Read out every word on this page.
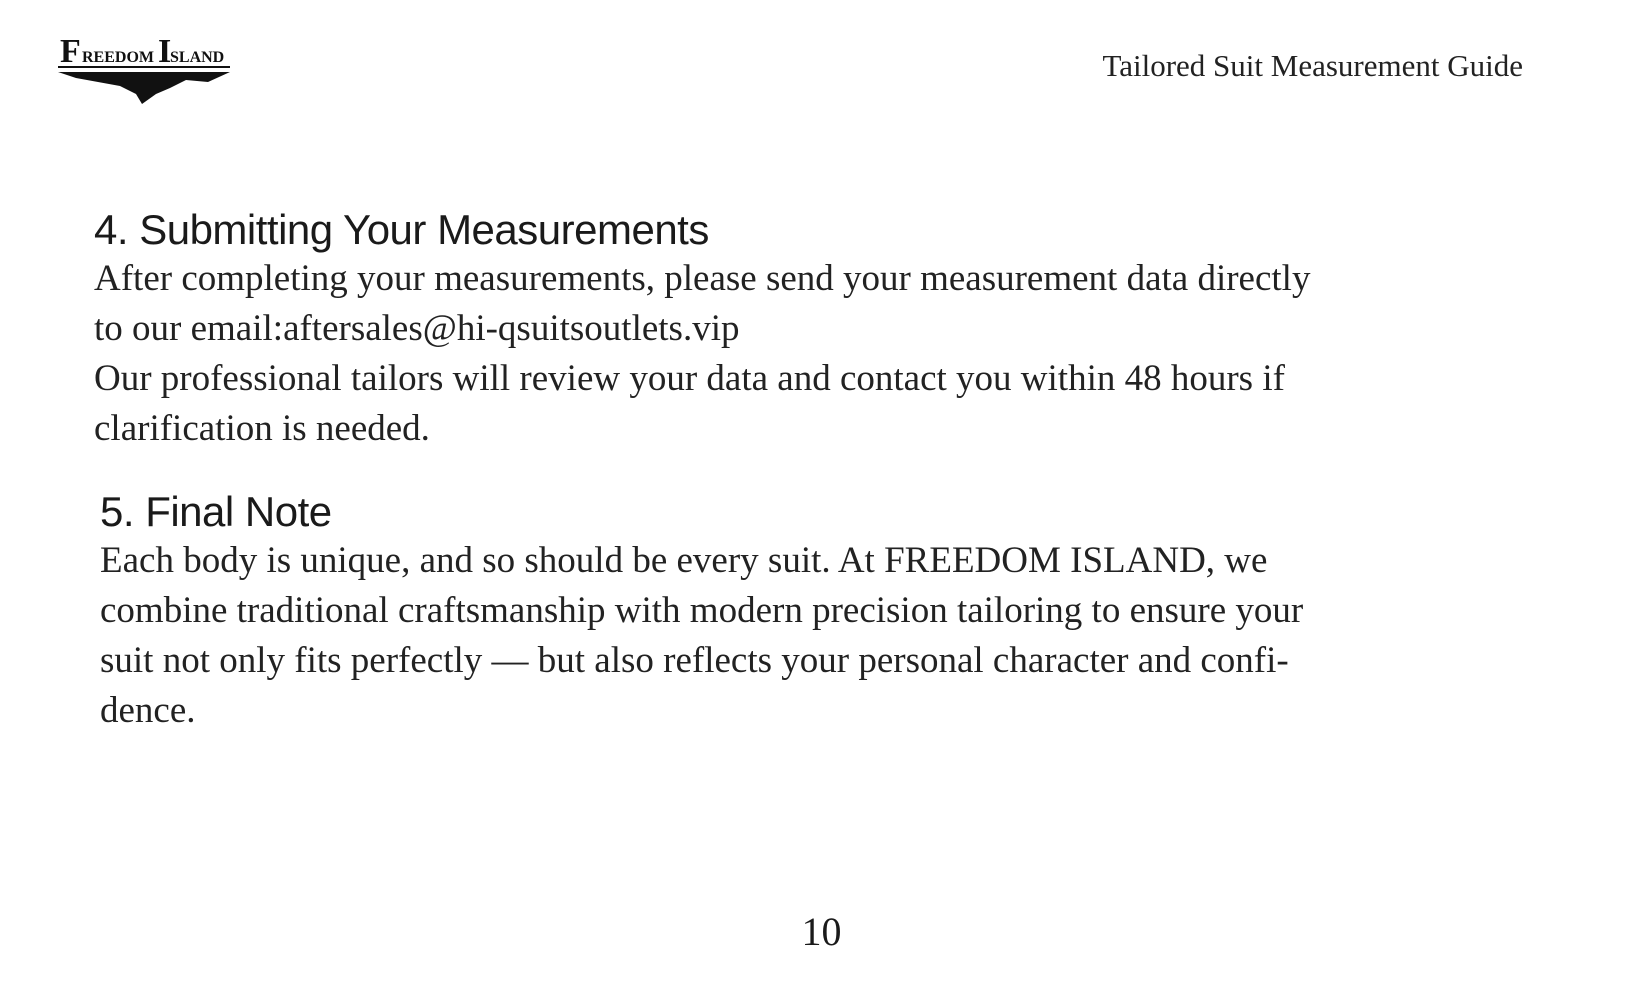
F REEDOM I
SLAND	Tailored Suit Measurement Guide
4. Submitting Your Measurements

After completing your measurements, please send your measurement data directly
to our email:aftersales@hi-qsuitsoutlets.vip
Our professional tailors will review your data and contact you within 48 hours if
clarification is needed.

5. Final Note

Each body is unique, and so should be every suit. At FREEDOM ISLAND, we
combine traditional craftsmanship with modern precision tailoring to ensure your
suit not only fits perfectly — but also reflects your personal character and confi-
dence.

10
